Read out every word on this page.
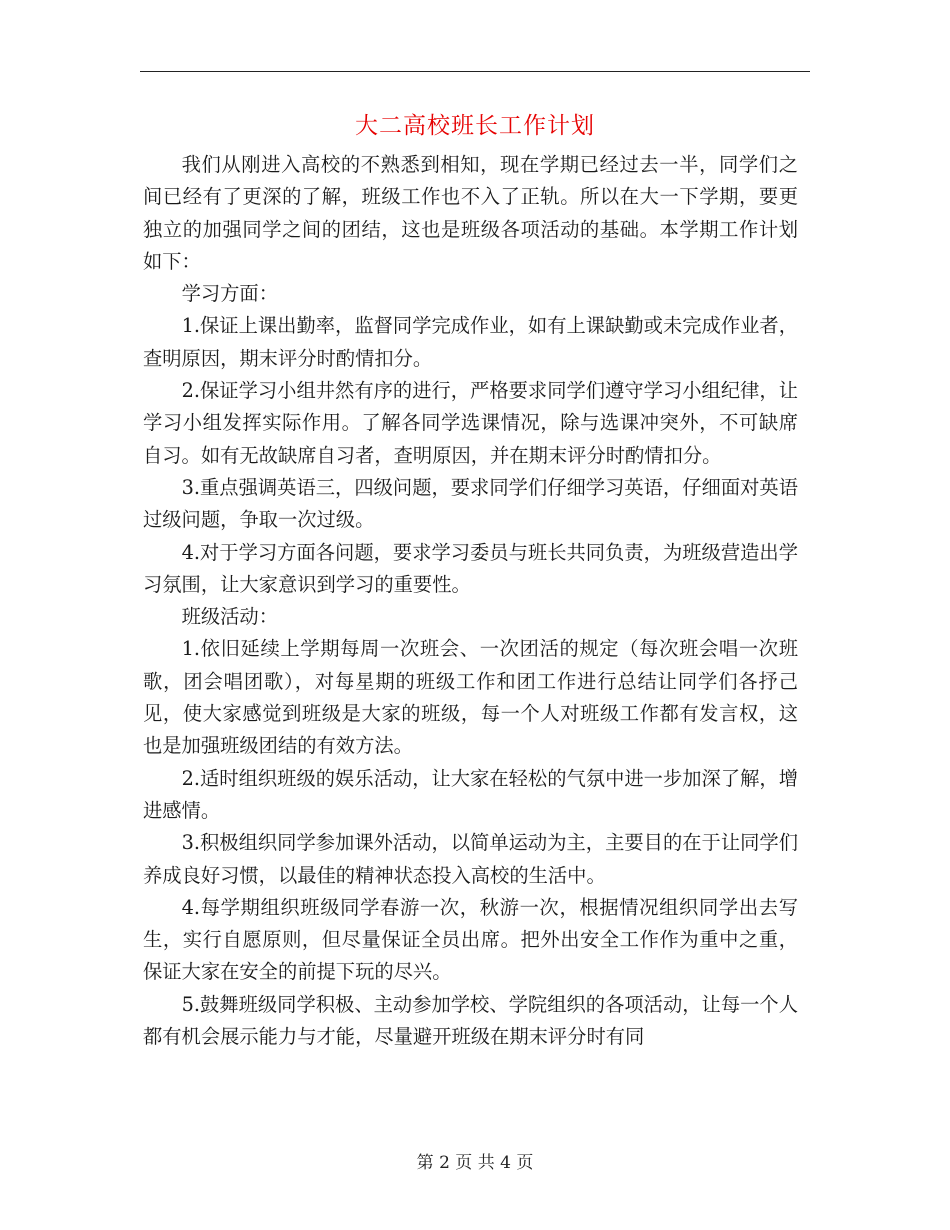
大二高校班长工作计划

我们从刚进入高校的不熟悉到相知，现在学期已经过去一半，同学们之间已经有了更深的了解，班级工作也不入了正轨。所以在大一下学期，要更独立的加强同学之间的团结，这也是班级各项活动的基础。本学期工作计划如下：

学习方面：

1.保证上课出勤率，监督同学完成作业，如有上课缺勤或未完成作业者，查明原因，期末评分时酌情扣分。

2.保证学习小组井然有序的进行，严格要求同学们遵守学习小组纪律，让学习小组发挥实际作用。了解各同学选课情况，除与选课冲突外，不可缺席自习。如有无故缺席自习者，查明原因，并在期末评分时酌情扣分。

3.重点强调英语三，四级问题，要求同学们仔细学习英语，仔细面对英语过级问题，争取一次过级。

4.对于学习方面各问题，要求学习委员与班长共同负责，为班级营造出学习氛围，让大家意识到学习的重要性。

班级活动：

1.依旧延续上学期每周一次班会、一次团活的规定（每次班会唱一次班歌，团会唱团歌），对每星期的班级工作和团工作进行总结让同学们各抒己见，使大家感觉到班级是大家的班级，每一个人对班级工作都有发言权，这也是加强班级团结的有效方法。

2.适时组织班级的娱乐活动，让大家在轻松的气氛中进一步加深了解，增进感情。

3.积极组织同学参加课外活动，以简单运动为主，主要目的在于让同学们养成良好习惯，以最佳的精神状态投入高校的生活中。

4.每学期组织班级同学春游一次，秋游一次，根据情况组织同学出去写生，实行自愿原则，但尽量保证全员出席。把外出安全工作作为重中之重，保证大家在安全的前提下玩的尽兴。

5.鼓舞班级同学积极、主动参加学校、学院组织的各项活动，让每一个人都有机会展示能力与才能，尽量避开班级在期末评分时有同

第 2 页 共 4 页
